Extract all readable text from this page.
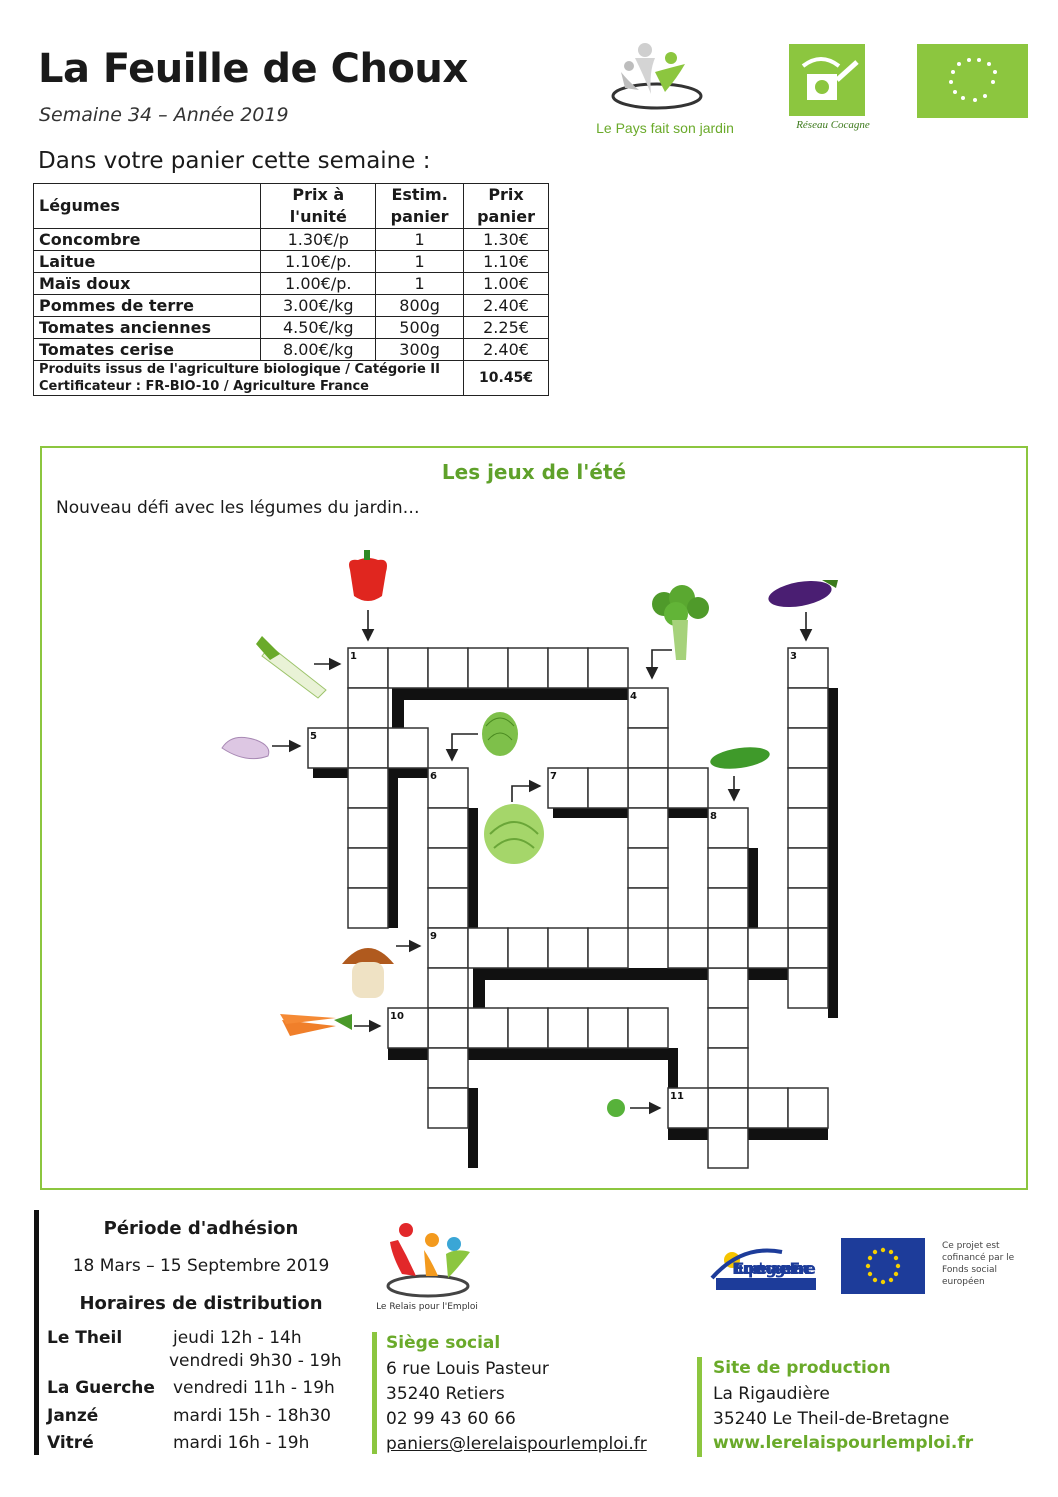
La Feuille de Choux
Semaine 34 – Année 2019
Dans votre panier cette semaine :
Le Pays fait son jardin	Réseau Cocagne
Légumes	Prix à l'unité	Estim. panier	Prix panier
Concombre	1.30€/p	1	1.30€
Laitue	1.10€/p.	1	1.10€
Maïs doux	1.00€/p.	1	1.00€
Pommes de terre	3.00€/kg	800g	2.40€
Tomates anciennes	4.50€/kg	500g	2.25€
Tomates cerise	8.00€/kg	300g	2.40€

Produits issus de l'agriculture biologique / Catégorie II
Certificateur : FR-BIO-10 / Agriculture France			10.45€
Les jeux de l'été
Nouveau défi avec les légumes du jardin…
1	3
4
5
6	7
8
9
10
11
Période d'adhésion
18 Mars – 15 Septembre 2019
Horaires de distribution
Le Theil	jeudi 12h - 14h
vendredi 9h30 - 19h
La Guerche vendredi 11h - 19h
Janzé	mardi 15h - 18h30
Vitré	mardi 16h - 19h
Le Relais pour l'Emploi
Siège social
6 rue Louis Pasteur
35240 Retiers
02 99 43 60 66
paniers@lerelaispourlemploi.fr
Site de production
La Rigaudière
35240 Le Theil-de-Bretagne
www.lerelaispourlemploi.fr
L'Europe s'engage en France
Ce projet est cofinancé par le Fonds social européen
